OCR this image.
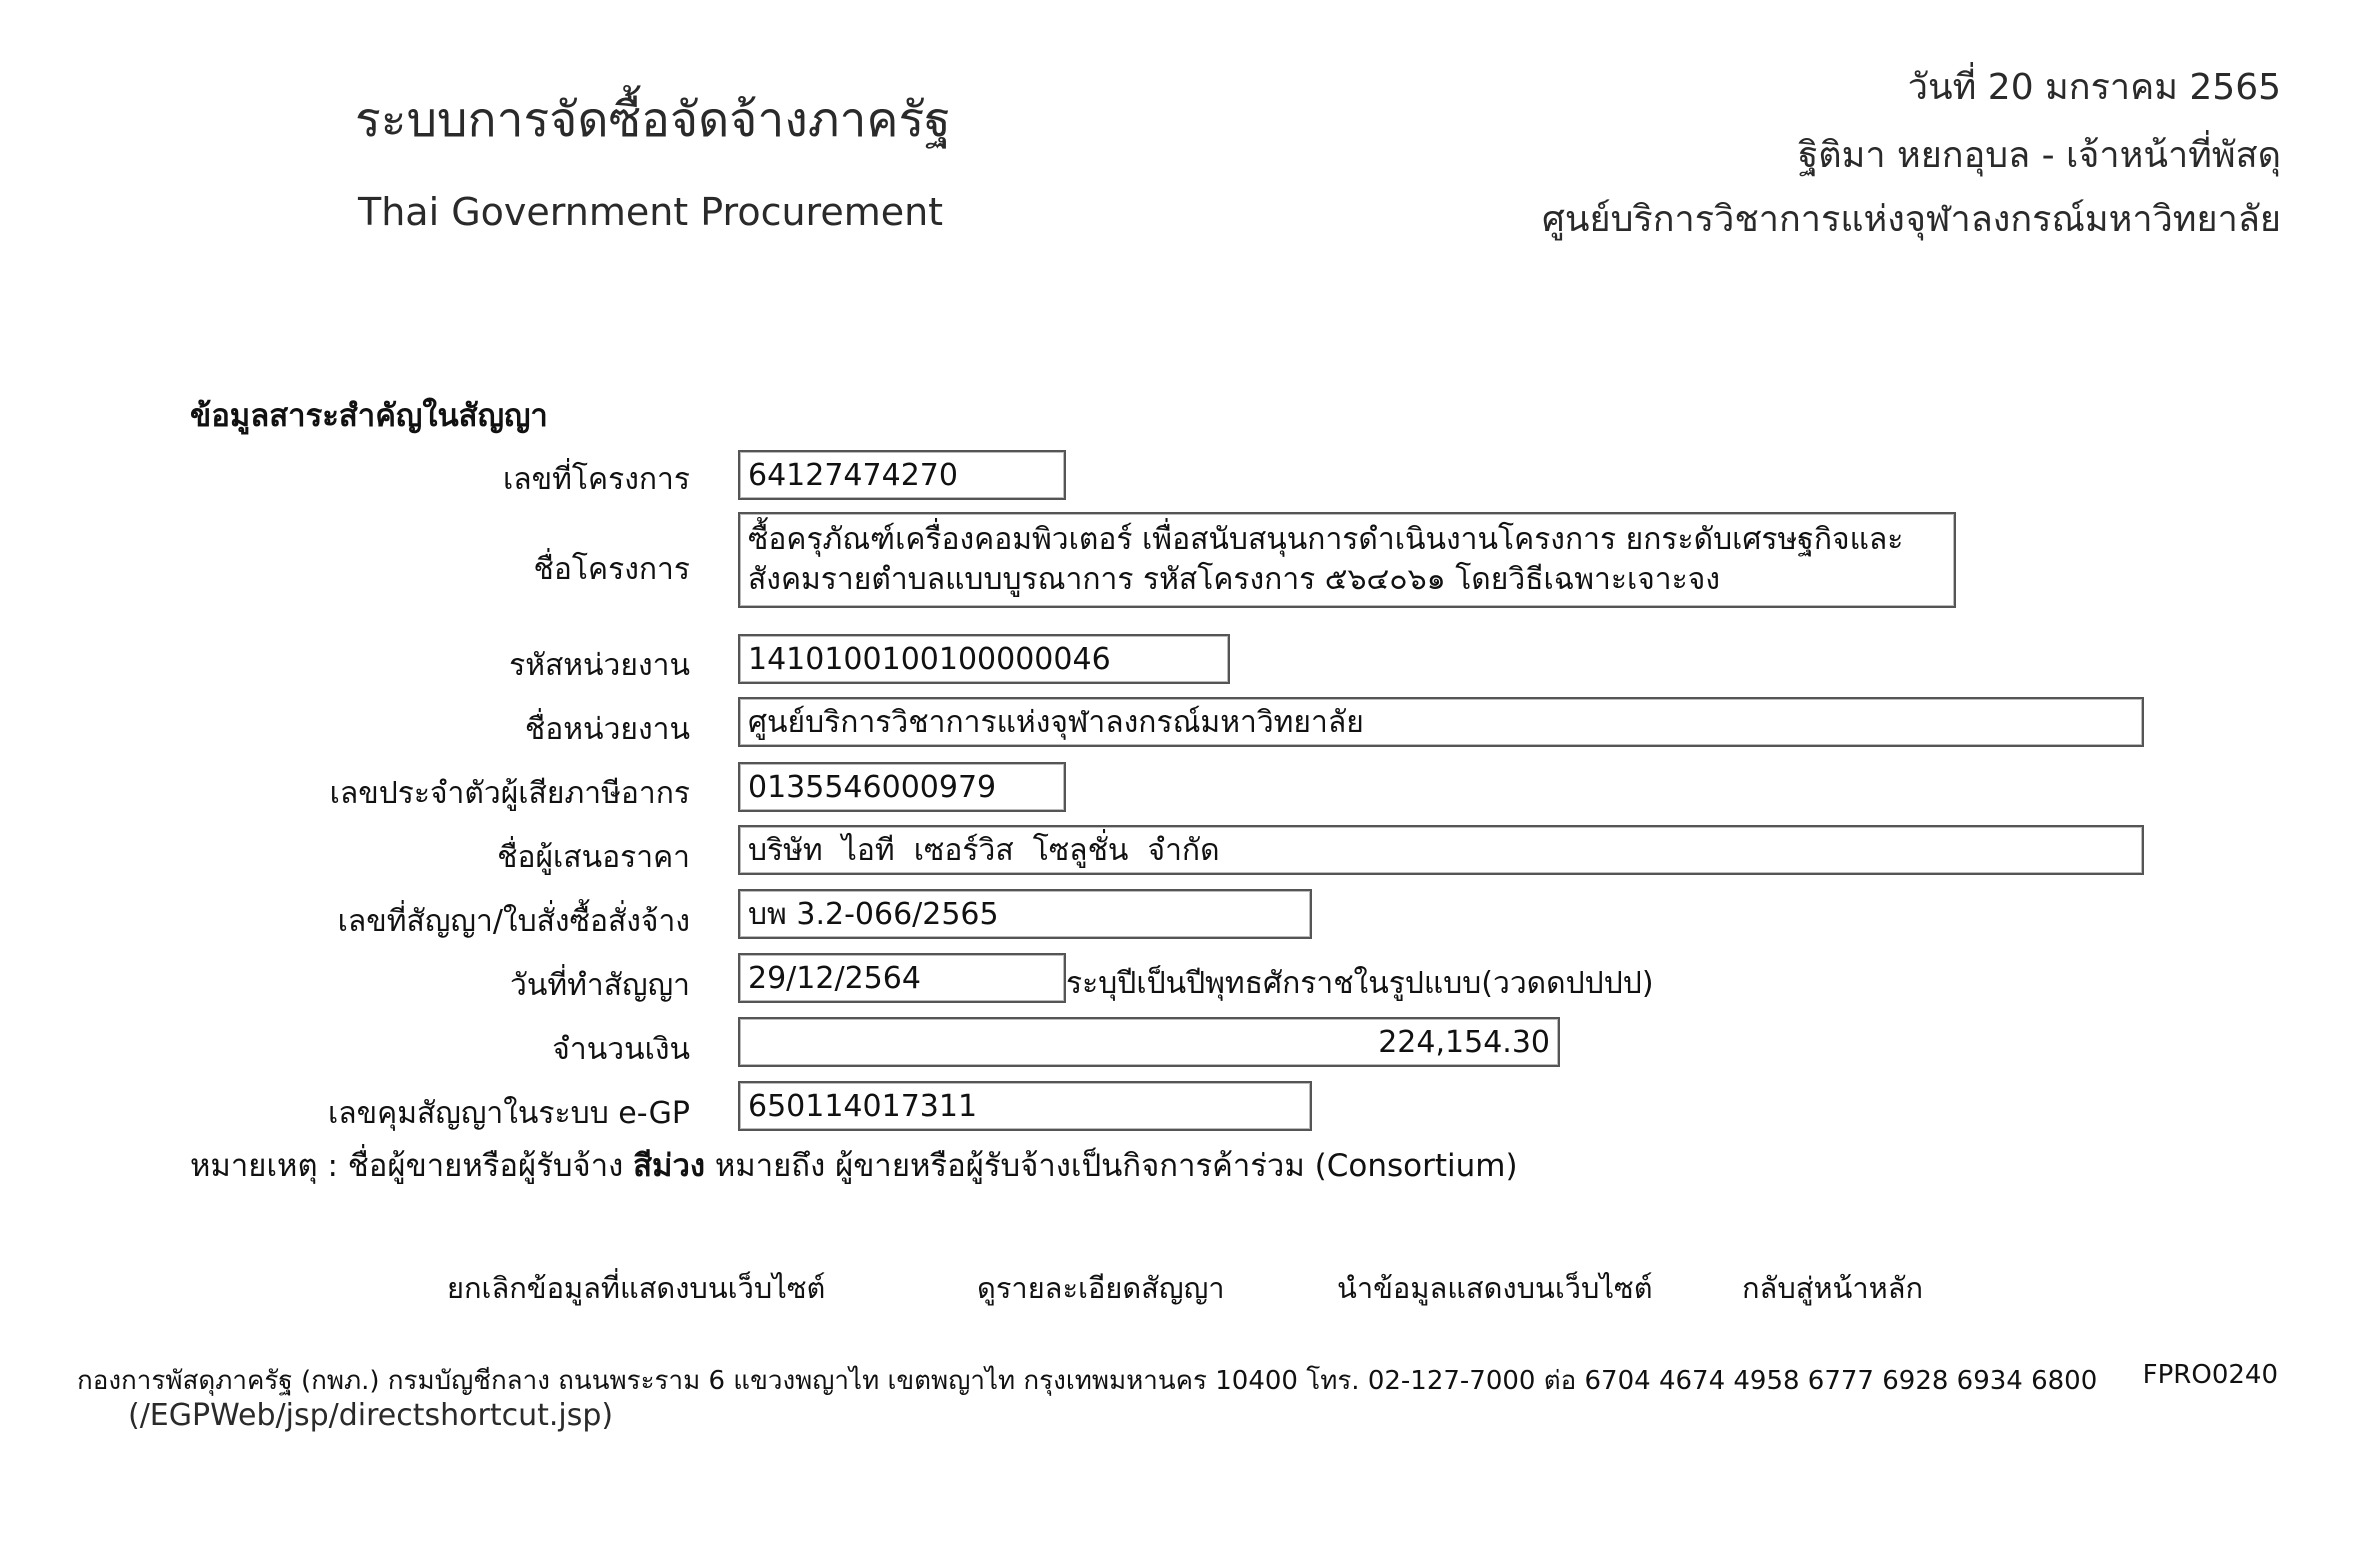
ระบบการจัดซื้อจัดจ้างภาครัฐ
Thai Government Procurement
วันที่ 20 มกราคม 2565
ฐิติมา หยกอุบล - เจ้าหน้าที่พัสดุ
ศูนย์บริการวิชาการแห่งจุฬาลงกรณ์มหาวิทยาลัย
ข้อมูลสาระสำคัญในสัญญา
เลขที่โครงการ	64127474270
ชื่อโครงการ
ซื้อครุภัณฑ์เครื่องคอมพิวเตอร์ เพื่อสนับสนุนการดำเนินงานโครงการ ยกระดับเศรษฐกิจและสังคมรายตำบลแบบบูรณาการ รหัสโครงการ ๕๖๔๐๖๑ โดยวิธีเฉพาะเจาะจง
รหัสหน่วยงาน	1410100100100000046
ชื่อหน่วยงาน	ศูนย์บริการวิชาการแห่งจุฬาลงกรณ์มหาวิทยาลัย
เลขประจำตัวผู้เสียภาษีอากร	0135546000979
ชื่อผู้เสนอราคา	บริษัท  ไอที  เซอร์วิส  โซลูชั่น  จำกัด
เลขที่สัญญา/ใบสั่งซื้อสั่งจ้าง	บพ 3.2-066/2565
วันที่ทำสัญญา	29/12/2564	ระบุปีเป็นปีพุทธศักราชในรูปแบบ(ววดดปปปป)
จำนวนเงิน	224,154.30
เลขคุมสัญญาในระบบ e-GP	650114017311
หมายเหตุ : ชื่อผู้ขายหรือผู้รับจ้าง สีม่วง หมายถึง ผู้ขายหรือผู้รับจ้างเป็นกิจการค้าร่วม (Consortium)
ยกเลิกข้อมูลที่แสดงบนเว็บไซต์	ดูรายละเอียดสัญญา	นำข้อมูลแสดงบนเว็บไซต์	กลับสู่หน้าหลัก
กองการพัสดุภาครัฐ (กพภ.) กรมบัญชีกลาง ถนนพระราม 6 แขวงพญาไท เขตพญาไท กรุงเทพมหานคร 10400 โทร. 02-127-7000 ต่อ 6704 4674 4958 6777 6928 6934 6800 FPRO0240
(/EGPWeb/jsp/directshortcut.jsp)
